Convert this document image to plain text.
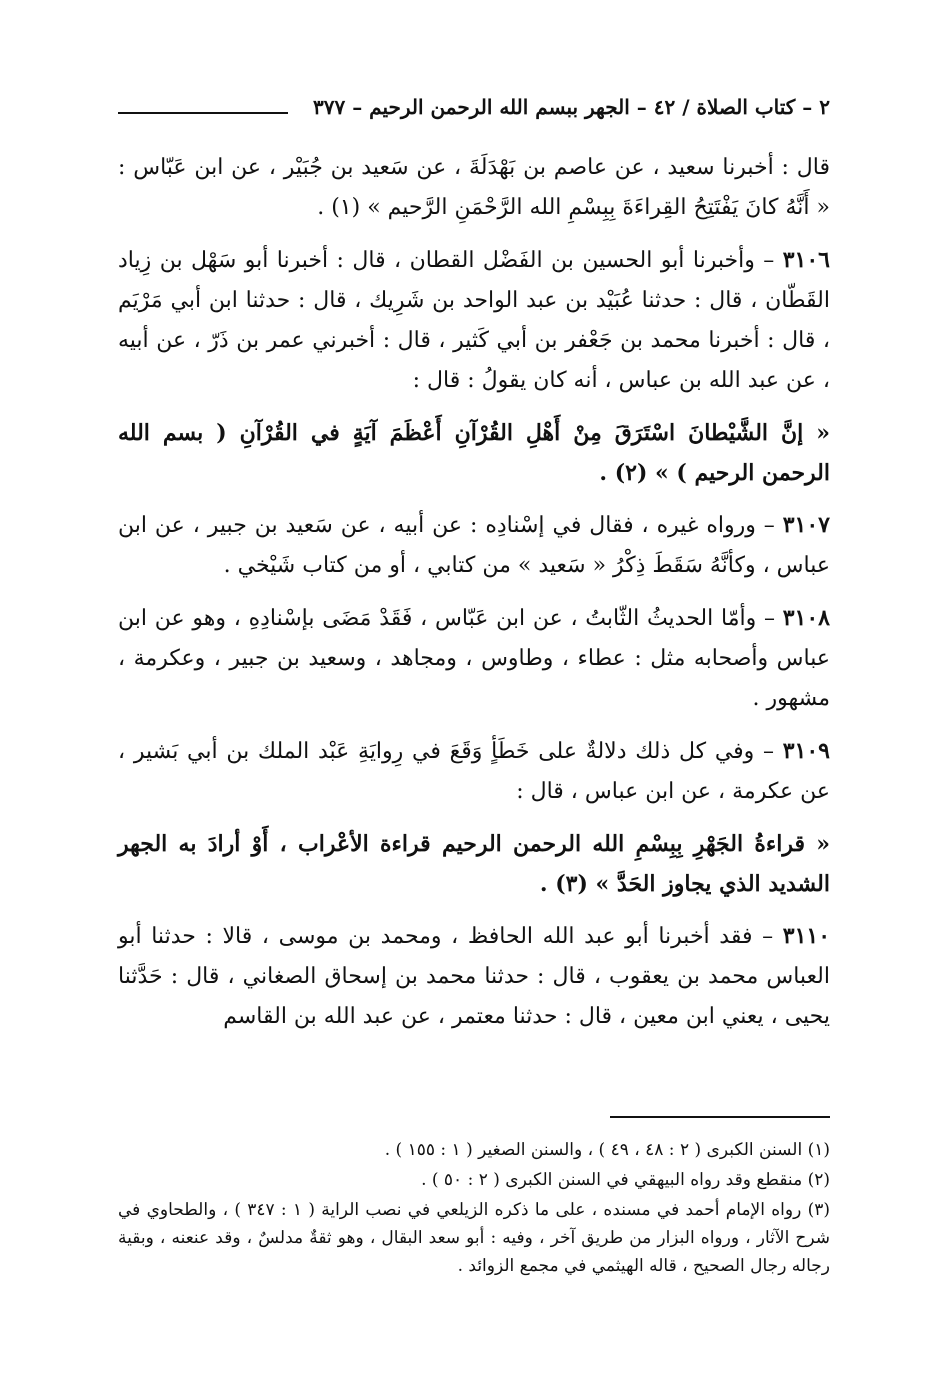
٢ – كتاب الصلاة / ٤٢ – الجهر ببسم الله الرحمن الرحيم – ٣٧٧

قال : أخبرنا سعيد ، عن عاصم بن بَهْدَلَةَ ، عن سَعيد بن جُبَيْر ، عن ابن عَبّاس : « أَنَّهُ كانَ يَفْتَتِحُ القِراءَةَ بِبِسْمِ الله الرَّحْمَنِ الرَّحيم » (١) .

٣١٠٦ – وأخبرنا أبو الحسين بن الفَضْل القطان ، قال : أخبرنا أبو سَهْل بن زِياد القَطّان ، قال : حدثنا عُبَيْد بن عبد الواحد بن شَرِيك ، قال : حدثنا ابن أبي مَرْيَم ، قال : أخبرنا محمد بن جَعْفر بن أبي كَثير ، قال : أخبرني عمر بن ذَرّ ، عن أبيه ، عن عبد الله بن عباس ، أنه كان يقولُ : قال :

« إنَّ الشَّيْطانَ اسْتَرَقَ مِنْ أَهْلِ القُرْآنِ أَعْظَمَ آيَةٍ في القُرْآنِ ( بسم الله الرحمن الرحيم ) » (٢) .

٣١٠٧ – ورواه غيره ، فقال في إسْنادِه : عن أبيه ، عن سَعيد بن جبير ، عن ابن عباس ، وكأنَّهُ سَقَطَ ذِكْرُ « سَعيد » من كتابي ، أو من كتاب شَيْخي .

٣١٠٨ – وأمّا الحديثُ الثّابتُ ، عن ابن عَبّاس ، فَقَدْ مَضَى بإسْنادِهِ ، وهو عن ابن عباس وأصحابه مثل : عطاء ، وطاوس ، ومجاهد ، وسعيد بن جبير ، وعكرمة ، مشهور .

٣١٠٩ – وفي كل ذلك دلالةٌ على خَطَأٍ وَقَعَ في رِوايَةِ عَبْد الملك بن أبي بَشير ، عن عكرمة ، عن ابن عباس ، قال :

« قراءةُ الجَهْرِ بِبِسْمِ الله الرحمن الرحيم قراءة الأعْراب ، أَوْ أرادَ به الجهر الشديد الذي يجاوز الحَدَّ » (٣) .

٣١١٠ – فقد أخبرنا أبو عبد الله الحافظ ، ومحمد بن موسى ، قالا : حدثنا أبو العباس محمد بن يعقوب ، قال : حدثنا محمد بن إسحاق الصغاني ، قال : حَدَّثنا يحيى ، يعني ابن معين ، قال : حدثنا معتمر ، عن عبد الله بن القاسم

(١) السنن الكبرى ( ٢ : ٤٨ ، ٤٩ ) ، والسنن الصغير ( ١ : ١٥٥ ) .
(٢) منقطع وقد رواه البيهقي في السنن الكبرى ( ٢ : ٥٠ ) .
(٣) رواه الإمام أحمد في مسنده ، على ما ذكره الزيلعي في نصب الراية ( ١ : ٣٤٧ ) ، والطحاوي في شرح الآثار ، ورواه البزار من طريق آخر ، وفيه : أبو سعد البقال ، وهو ثقةٌ مدلسٌ ، وقد عنعنه ، وبقية رجاله رجال الصحيح ، قاله الهيثمي في مجمع الزوائد .
